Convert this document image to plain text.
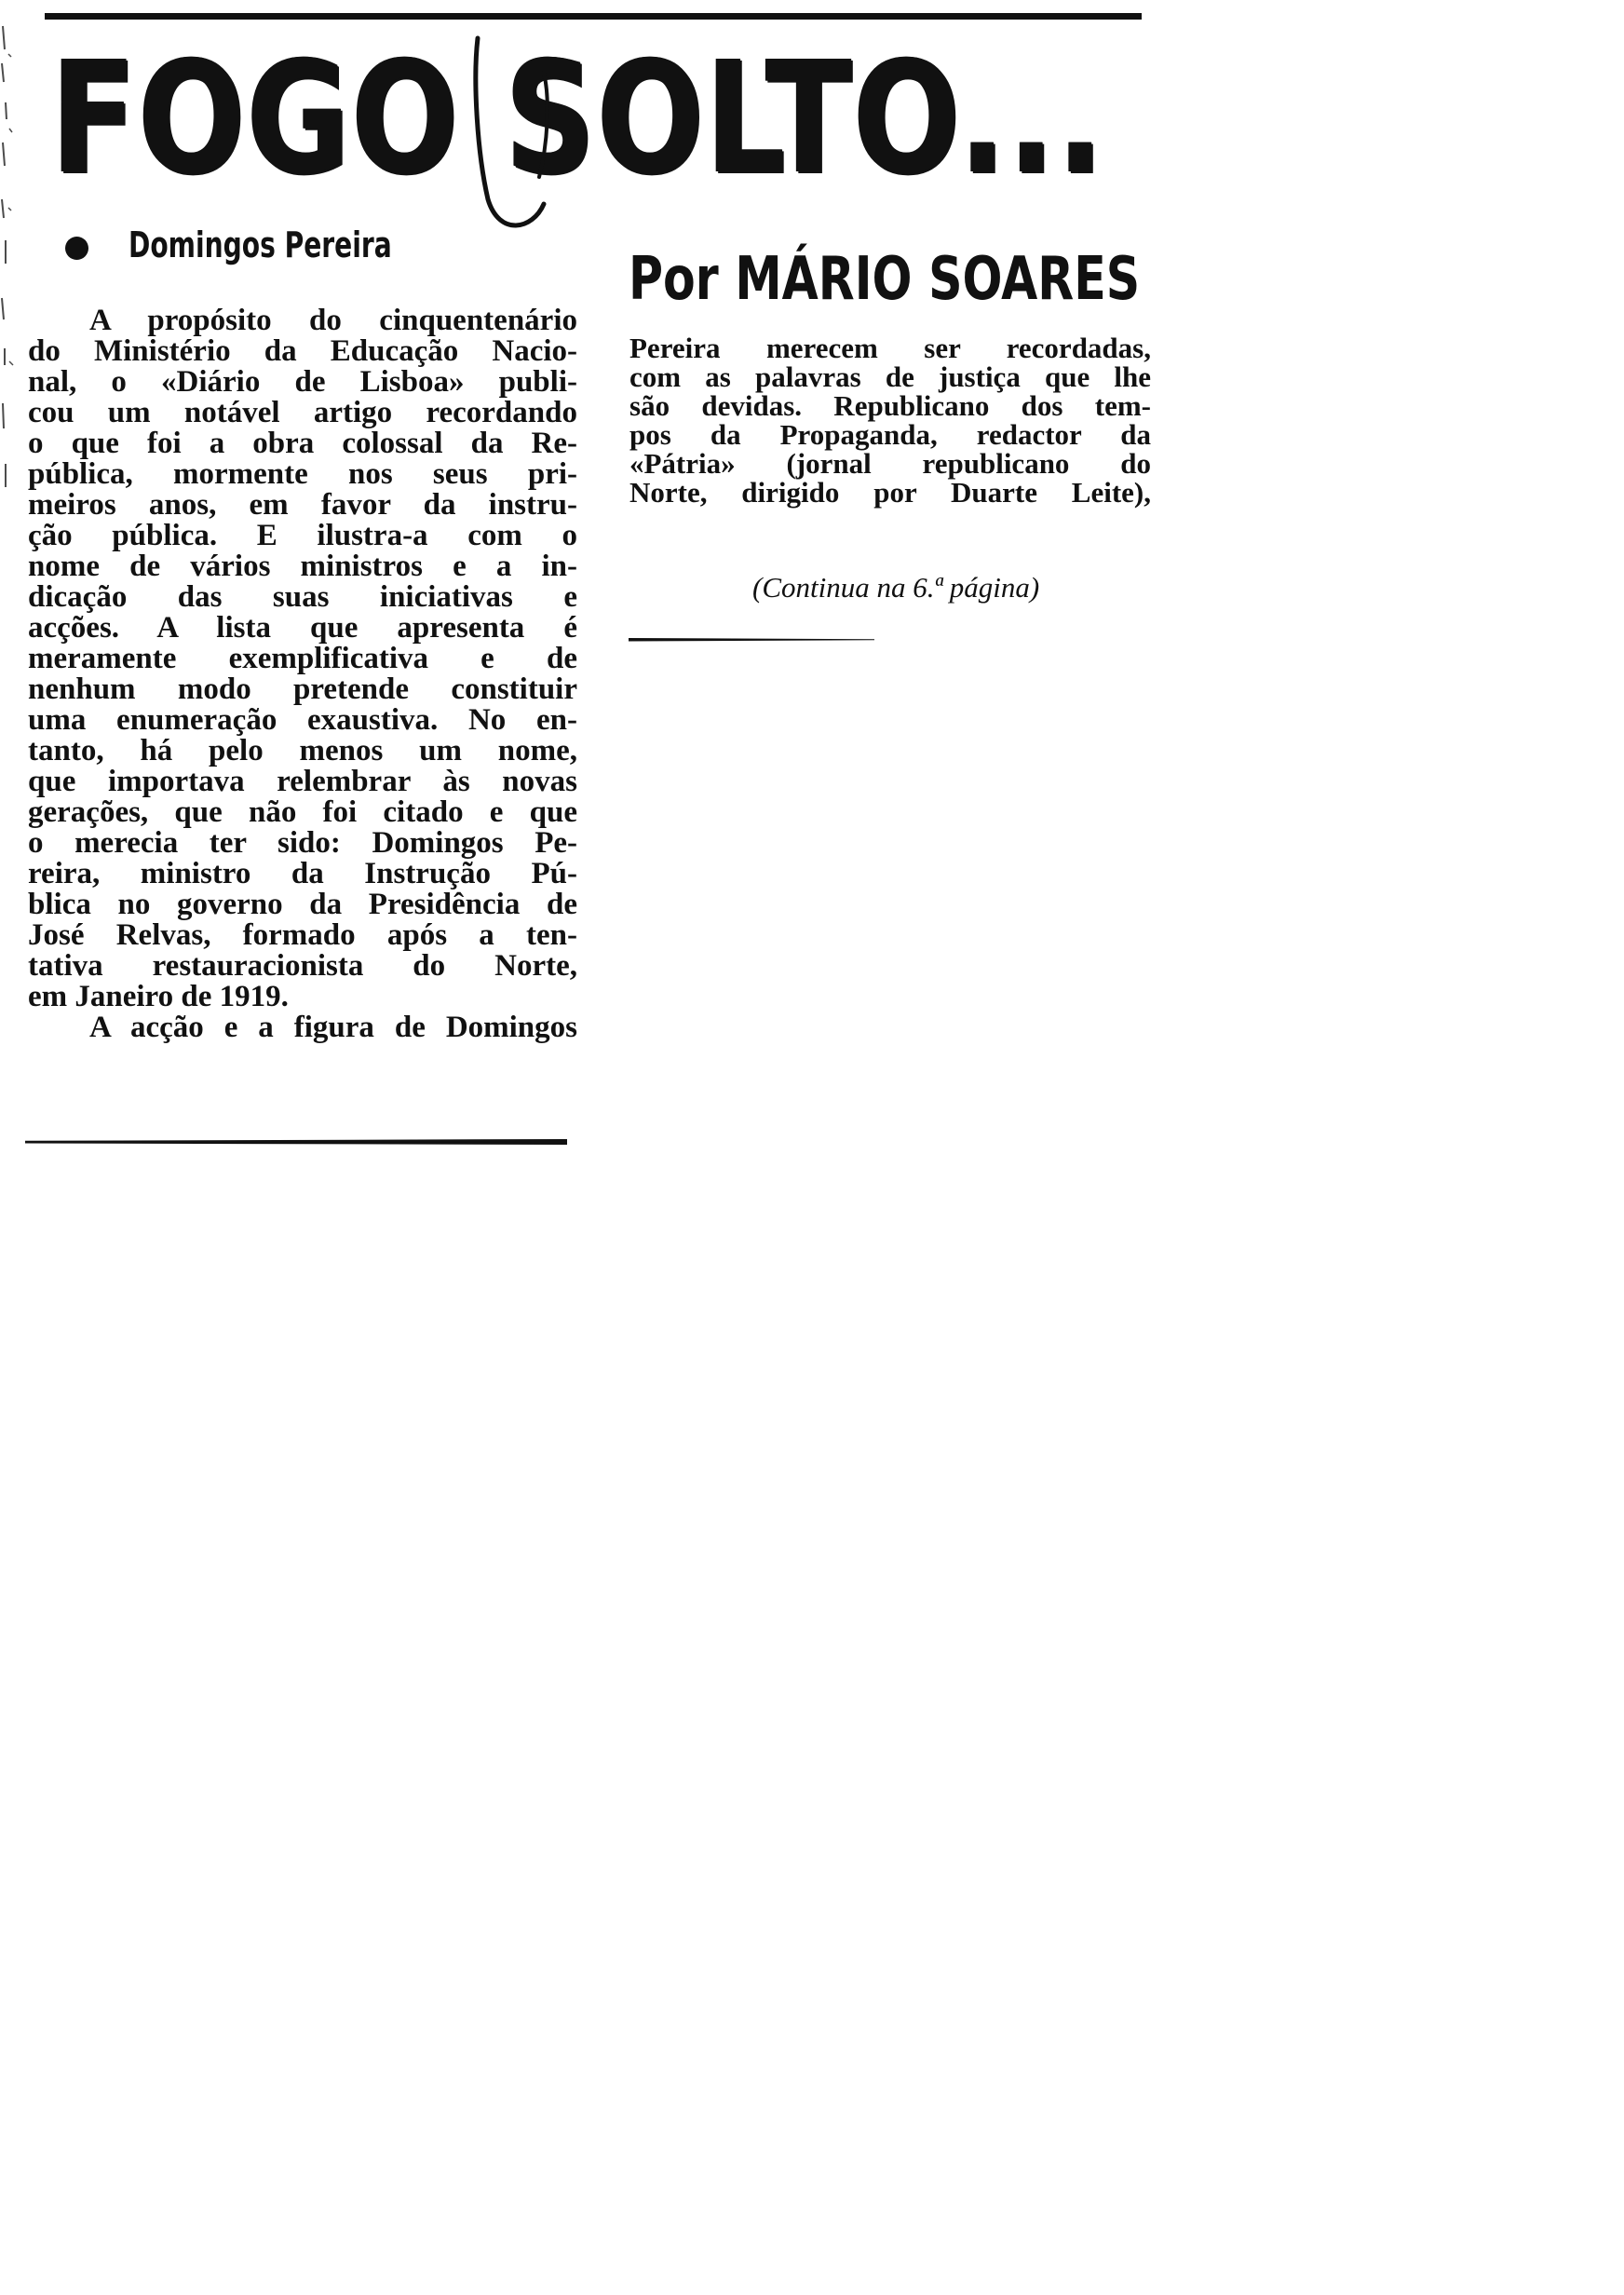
FOGO SOLTO...
Domingos Pereira	Por MÁRIO SOARES
A propósito do cinquentenário
do Ministério da Educação Nacio-
nal, o «Diário de Lisboa» publi-
cou um notável artigo recordando
o que foi a obra colossal da Re-
pública, mormente nos seus pri-
meiros anos, em favor da instru-
ção pública. E ilustra-a com o
nome de vários ministros e a in-
dicação das suas iniciativas e
acções. A lista que apresenta é
meramente exemplificativa e de
nenhum modo pretende constituir
uma enumeração exaustiva. No en-
tanto, há pelo menos um nome,
que importava relembrar às novas
gerações, que não foi citado e que
o merecia ter sido: Domingos Pe-
reira, ministro da Instrução Pú-
blica no governo da Presidência de
José Relvas, formado após a ten-
tativa restauracionista do Norte,
em Janeiro de 1919.
A acção e a figura de Domingos
Pereira merecem ser recordadas,
com as palavras de justiça que lhe
são devidas. Republicano dos tem-
pos da Propaganda, redactor da
«Pátria» (jornal republicano do
Norte, dirigido por Duarte Leite),

(Continua na 6.ª página)
